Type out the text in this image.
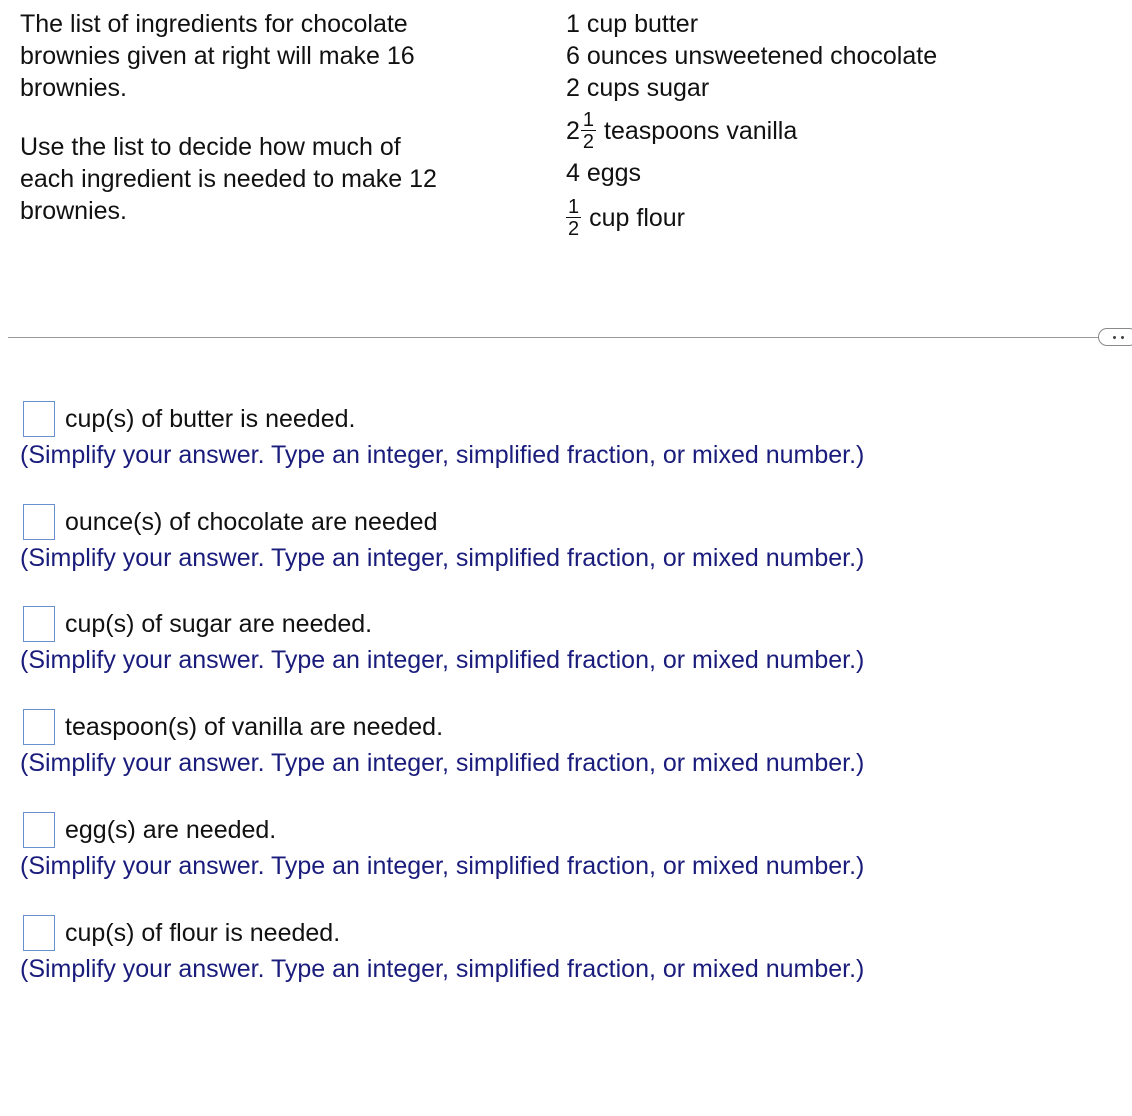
The list of ingredients for chocolate brownies given at right will make 16 brownies.

Use the list to decide how much of each ingredient is needed to make 12 brownies.

1 cup butter
6 ounces unsweetened chocolate
2 cups sugar
$2 \frac{1}{2}$ teaspoons vanilla
4 eggs
$\frac{1}{2}$ cup flour
cup(s) of butter is needed.
(Simplify your answer. Type an integer, simplified fraction, or mixed number.)
ounce(s) of chocolate are needed
(Simplify your answer. Type an integer, simplified fraction, or mixed number.)
cup(s) of sugar are needed.
(Simplify your answer. Type an integer, simplified fraction, or mixed number.)
teaspoon(s) of vanilla are needed.
(Simplify your answer. Type an integer, simplified fraction, or mixed number.)
egg(s) are needed.
(Simplify your answer. Type an integer, simplified fraction, or mixed number.)
cup(s) of flour is needed.
(Simplify your answer. Type an integer, simplified fraction, or mixed number.)
